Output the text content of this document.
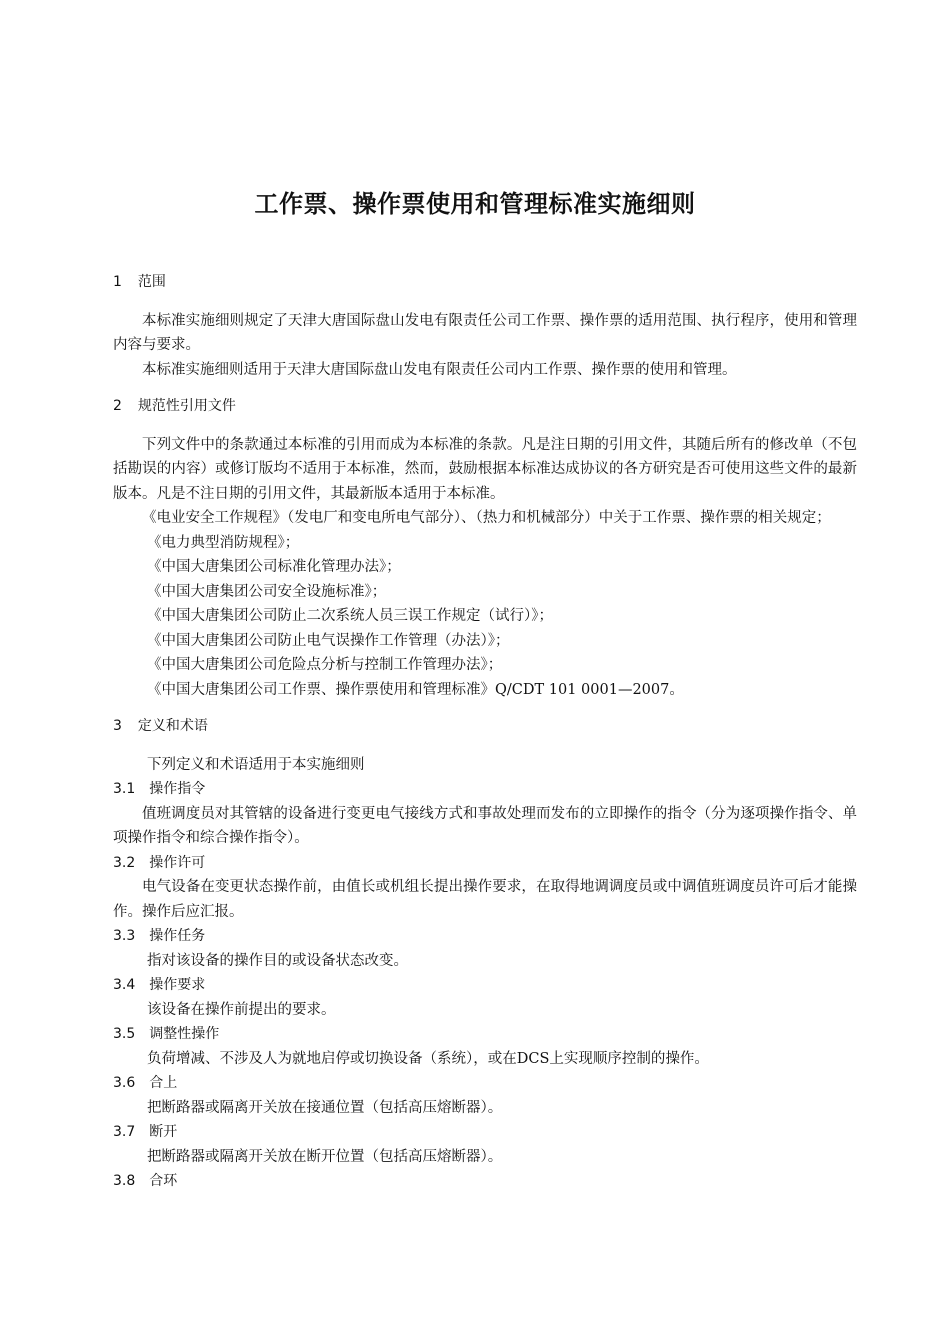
工作票、操作票使用和管理标准实施细则
1 范围

本标准实施细则规定了天津大唐国际盘山发电有限责任公司工作票、操作票的适用范围、执行程序，使用和管理内容与要求。

本标准实施细则适用于天津大唐国际盘山发电有限责任公司内工作票、操作票的使用和管理。

2 规范性引用文件

下列文件中的条款通过本标准的引用而成为本标准的条款。凡是注日期的引用文件，其随后所有的修改单（不包括勘误的内容）或修订版均不适用于本标准，然而，鼓励根据本标准达成协议的各方研究是否可使用这些文件的最新版本。凡是不注日期的引用文件，其最新版本适用于本标准。

《电业安全工作规程》（发电厂和变电所电气部分）、（热力和机械部分）中关于工作票、操作票的相关规定；

《电力典型消防规程》；

《中国大唐集团公司标准化管理办法》；

《中国大唐集团公司安全设施标准》；

《中国大唐集团公司防止二次系统人员三误工作规定（试行）》；

《中国大唐集团公司防止电气误操作工作管理（办法）》；

《中国大唐集团公司危险点分析与控制工作管理办法》；

《中国大唐集团公司工作票、操作票使用和管理标准》Q/CDT 101 0001—2007。

3 定义和术语

下列定义和术语适用于本实施细则

3.1 操作指令

值班调度员对其管辖的设备进行变更电气接线方式和事故处理而发布的立即操作的指令（分为逐项操作指令、单项操作指令和综合操作指令）。

3.2 操作许可

电气设备在变更状态操作前，由值长或机组长提出操作要求，在取得地调调度员或中调值班调度员许可后才能操作。操作后应汇报。

3.3 操作任务

指对该设备的操作目的或设备状态改变。

3.4 操作要求

该设备在操作前提出的要求。

3.5 调整性操作

负荷增减、不涉及人为就地启停或切换设备（系统），或在DCS上实现顺序控制的操作。

3.6 合上

把断路器或隔离开关放在接通位置（包括高压熔断器）。

3.7 断开

把断路器或隔离开关放在断开位置（包括高压熔断器）。

3.8 合环
